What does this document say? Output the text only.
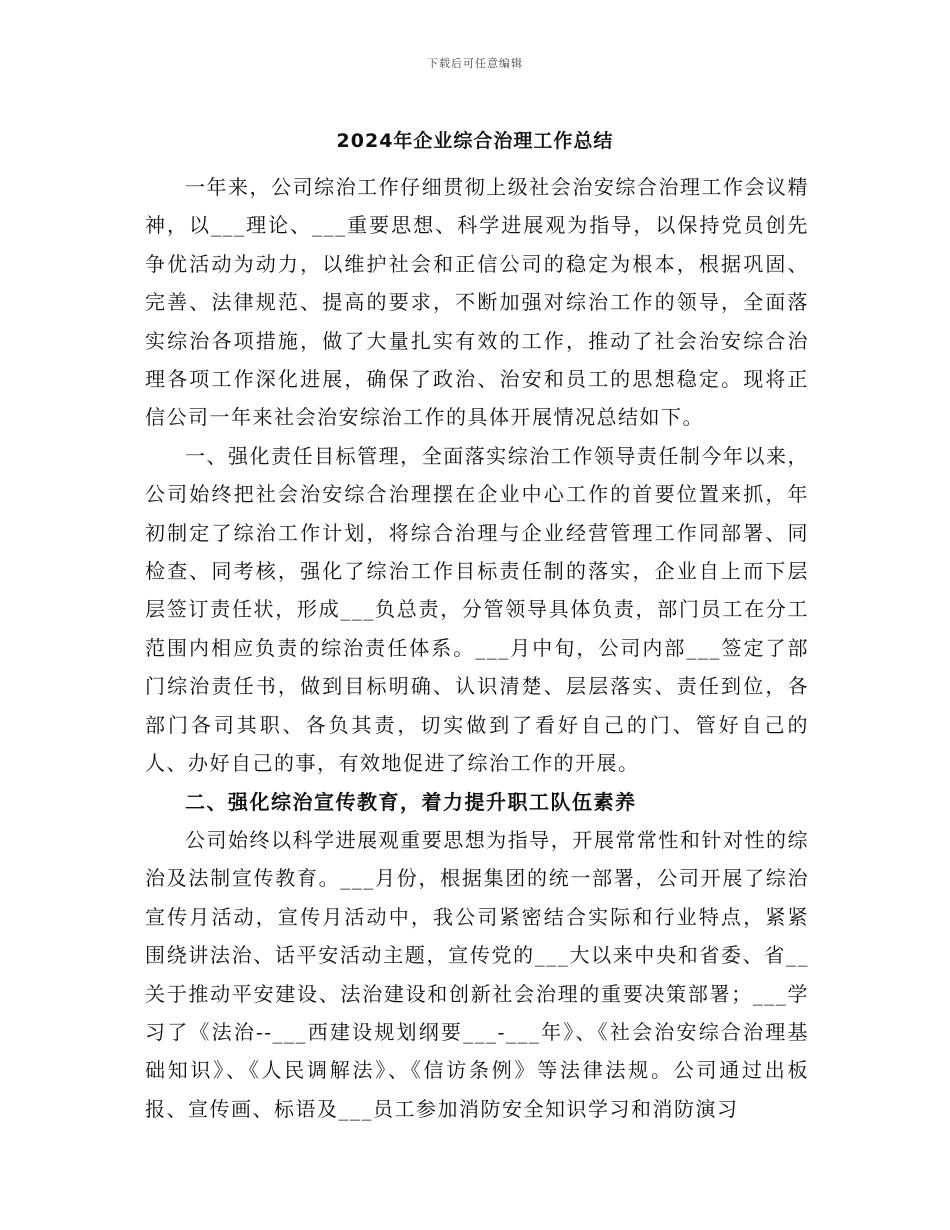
下载后可任意编辑
2024年企业综合治理工作总结

一年来，公司综治工作仔细贯彻上级社会治安综合治理工作会议精神，以___理论、___重要思想、科学进展观为指导，以保持党员创先争优活动为动力，以维护社会和正信公司的稳定为根本，根据巩固、完善、法律规范、提高的要求，不断加强对综治工作的领导，全面落实综治各项措施，做了大量扎实有效的工作，推动了社会治安综合治理各项工作深化进展，确保了政治、治安和员工的思想稳定。现将正信公司一年来社会治安综治工作的具体开展情况总结如下。

一、强化责任目标管理，全面落实综治工作领导责任制今年以来，公司始终把社会治安综合治理摆在企业中心工作的首要位置来抓，年初制定了综治工作计划，将综合治理与企业经营管理工作同部署、同检查、同考核，强化了综治工作目标责任制的落实，企业自上而下层层签订责任状，形成___负总责，分管领导具体负责，部门员工在分工范围内相应负责的综治责任体系。___月中旬，公司内部___签定了部门综治责任书，做到目标明确、认识清楚、层层落实、责任到位，各部门各司其职、各负其责，切实做到了看好自己的门、管好自己的人、办好自己的事，有效地促进了综治工作的开展。

二、强化综治宣传教育，着力提升职工队伍素养

公司始终以科学进展观重要思想为指导，开展常常性和针对性的综治及法制宣传教育。___月份，根据集团的统一部署，公司开展了综治宣传月活动，宣传月活动中，我公司紧密结合实际和行业特点，紧紧围绕讲法治、话平安活动主题，宣传党的___大以来中央和省委、省__关于推动平安建设、法治建设和创新社会治理的重要决策部署；___学习了《法治--___西建设规划纲要___-___年》、《社会治安综合治理基础知识》、《人民调解法》、《信访条例》等法律法规。公司通过出板报、宣传画、标语及___员工参加消防安全知识学习和消防演习
